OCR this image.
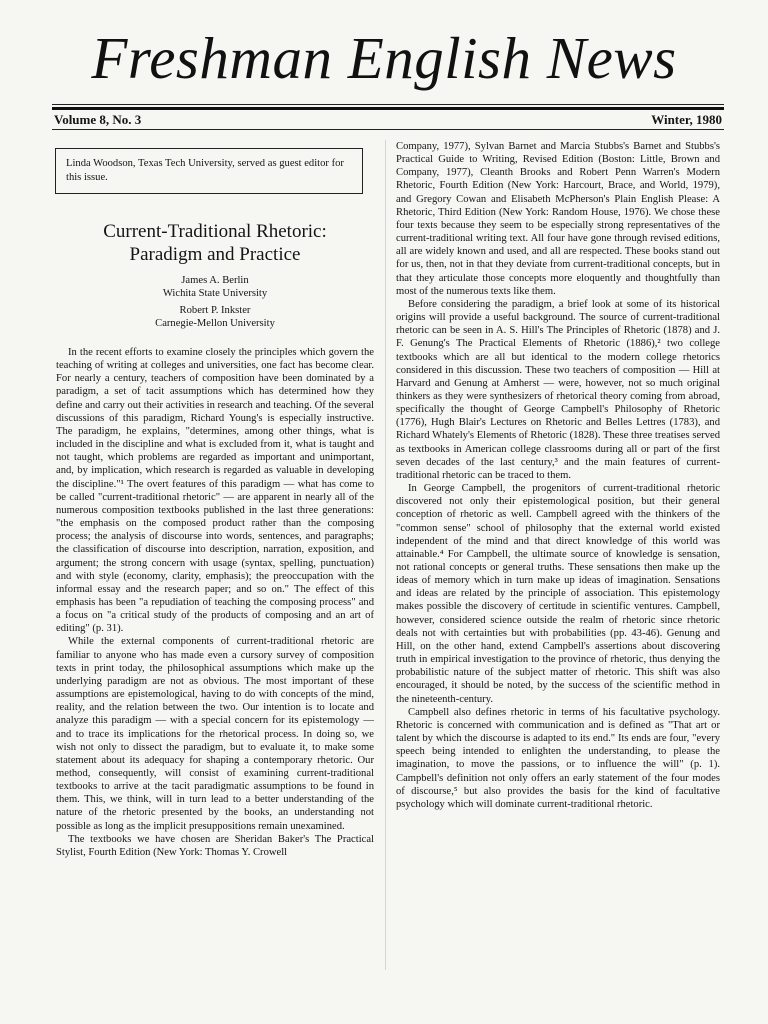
Freshman English News
Volume 8, No. 3	Winter, 1980
Linda Woodson, Texas Tech University, served as guest editor for this issue.
Current-Traditional Rhetoric:
Paradigm and Practice
James A. Berlin
Wichita State University
Robert P. Inkster
Carnegie-Mellon University

In the recent efforts to examine closely the principles which govern the teaching of writing at colleges and universities, one fact has become clear. For nearly a century, teachers of composition have been dominated by a paradigm, a set of tacit assumptions which has determined how they define and carry out their activities in research and teaching. Of the several discussions of this paradigm, Richard Young's is especially instructive. The paradigm, he explains, "determines, among other things, what is included in the discipline and what is excluded from it, what is taught and not taught, which problems are regarded as important and unimportant, and, by implication, which research is regarded as valuable in developing the discipline."¹ The overt features of this paradigm — what has come to be called "current-traditional rhetoric" — are apparent in nearly all of the numerous composition textbooks published in the last three generations: "the emphasis on the composed product rather than the composing process; the analysis of discourse into words, sentences, and paragraphs; the classification of discourse into description, narration, exposition, and argument; the strong concern with usage (syntax, spelling, punctuation) and with style (economy, clarity, emphasis); the preoccupation with the informal essay and the research paper; and so on." The effect of this emphasis has been "a repudiation of teaching the composing process" and a focus on "a critical study of the products of composing and an art of editing" (p. 31).

While the external components of current-traditional rhetoric are familiar to anyone who has made even a cursory survey of composition texts in print today, the philosophical assumptions which make up the underlying paradigm are not as obvious. The most important of these assumptions are epistemological, having to do with concepts of the mind, reality, and the relation between the two. Our intention is to locate and analyze this paradigm — with a special concern for its epistemology — and to trace its implications for the rhetorical process. In doing so, we wish not only to dissect the paradigm, but to evaluate it, to make some statement about its adequacy for shaping a contemporary rhetoric. Our method, consequently, will consist of examining current-traditional textbooks to arrive at the tacit paradigmatic assumptions to be found in them. This, we think, will in turn lead to a better understanding of the nature of the rhetoric presented by the books, an understanding not possible as long as the implicit presuppositions remain unexamined.

The textbooks we have chosen are Sheridan Baker's The Practical Stylist, Fourth Edition (New York: Thomas Y. Crowell

Company, 1977), Sylvan Barnet and Marcia Stubbs's Barnet and Stubbs's Practical Guide to Writing, Revised Edition (Boston: Little, Brown and Company, 1977), Cleanth Brooks and Robert Penn Warren's Modern Rhetoric, Fourth Edition (New York: Harcourt, Brace, and World, 1979), and Gregory Cowan and Elisabeth McPherson's Plain English Please: A Rhetoric, Third Edition (New York: Random House, 1976). We chose these four texts because they seem to be especially strong representatives of the current-traditional writing text. All four have gone through revised editions, all are widely known and used, and all are respected. These books stand out for us, then, not in that they deviate from current-traditional concepts, but in that they articulate those concepts more eloquently and thoughtfully than most of the numerous texts like them.

Before considering the paradigm, a brief look at some of its historical origins will provide a useful background. The source of current-traditional rhetoric can be seen in A. S. Hill's The Principles of Rhetoric (1878) and J. F. Genung's The Practical Elements of Rhetoric (1886),² two college textbooks which are all but identical to the modern college rhetorics considered in this discussion. These two teachers of composition — Hill at Harvard and Genung at Amherst — were, however, not so much original thinkers as they were synthesizers of rhetorical theory coming from abroad, specifically the thought of George Campbell's Philosophy of Rhetoric (1776), Hugh Blair's Lectures on Rhetoric and Belles Lettres (1783), and Richard Whately's Elements of Rhetoric (1828). These three treatises served as textbooks in American college classrooms during all or part of the first seven decades of the last century,³ and the main features of current-traditional rhetoric can be traced to them.

In George Campbell, the progenitors of current-traditional rhetoric discovered not only their epistemological position, but their general conception of rhetoric as well. Campbell agreed with the thinkers of the "common sense" school of philosophy that the external world existed independent of the mind and that direct knowledge of this world was attainable.⁴ For Campbell, the ultimate source of knowledge is sensation, not rational concepts or general truths. These sensations then make up the ideas of memory which in turn make up ideas of imagination. Sensations and ideas are related by the principle of association. This epistemology makes possible the discovery of certitude in scientific ventures. Campbell, however, considered science outside the realm of rhetoric since rhetoric deals not with certainties but with probabilities (pp. 43-46). Genung and Hill, on the other hand, extend Campbell's assertions about discovering truth in empirical investigation to the province of rhetoric, thus denying the probabilistic nature of the subject matter of rhetoric. This shift was also encouraged, it should be noted, by the success of the scientific method in the nineteenth-century.

Campbell also defines rhetoric in terms of his facultative psychology. Rhetoric is concerned with communication and is defined as "That art or talent by which the discourse is adapted to its end." Its ends are four, "every speech being intended to enlighten the understanding, to please the imagination, to move the passions, or to influence the will" (p. 1). Campbell's definition not only offers an early statement of the four modes of discourse,⁵ but also provides the basis for the kind of facultative psychology which will dominate current-traditional rhetoric.
